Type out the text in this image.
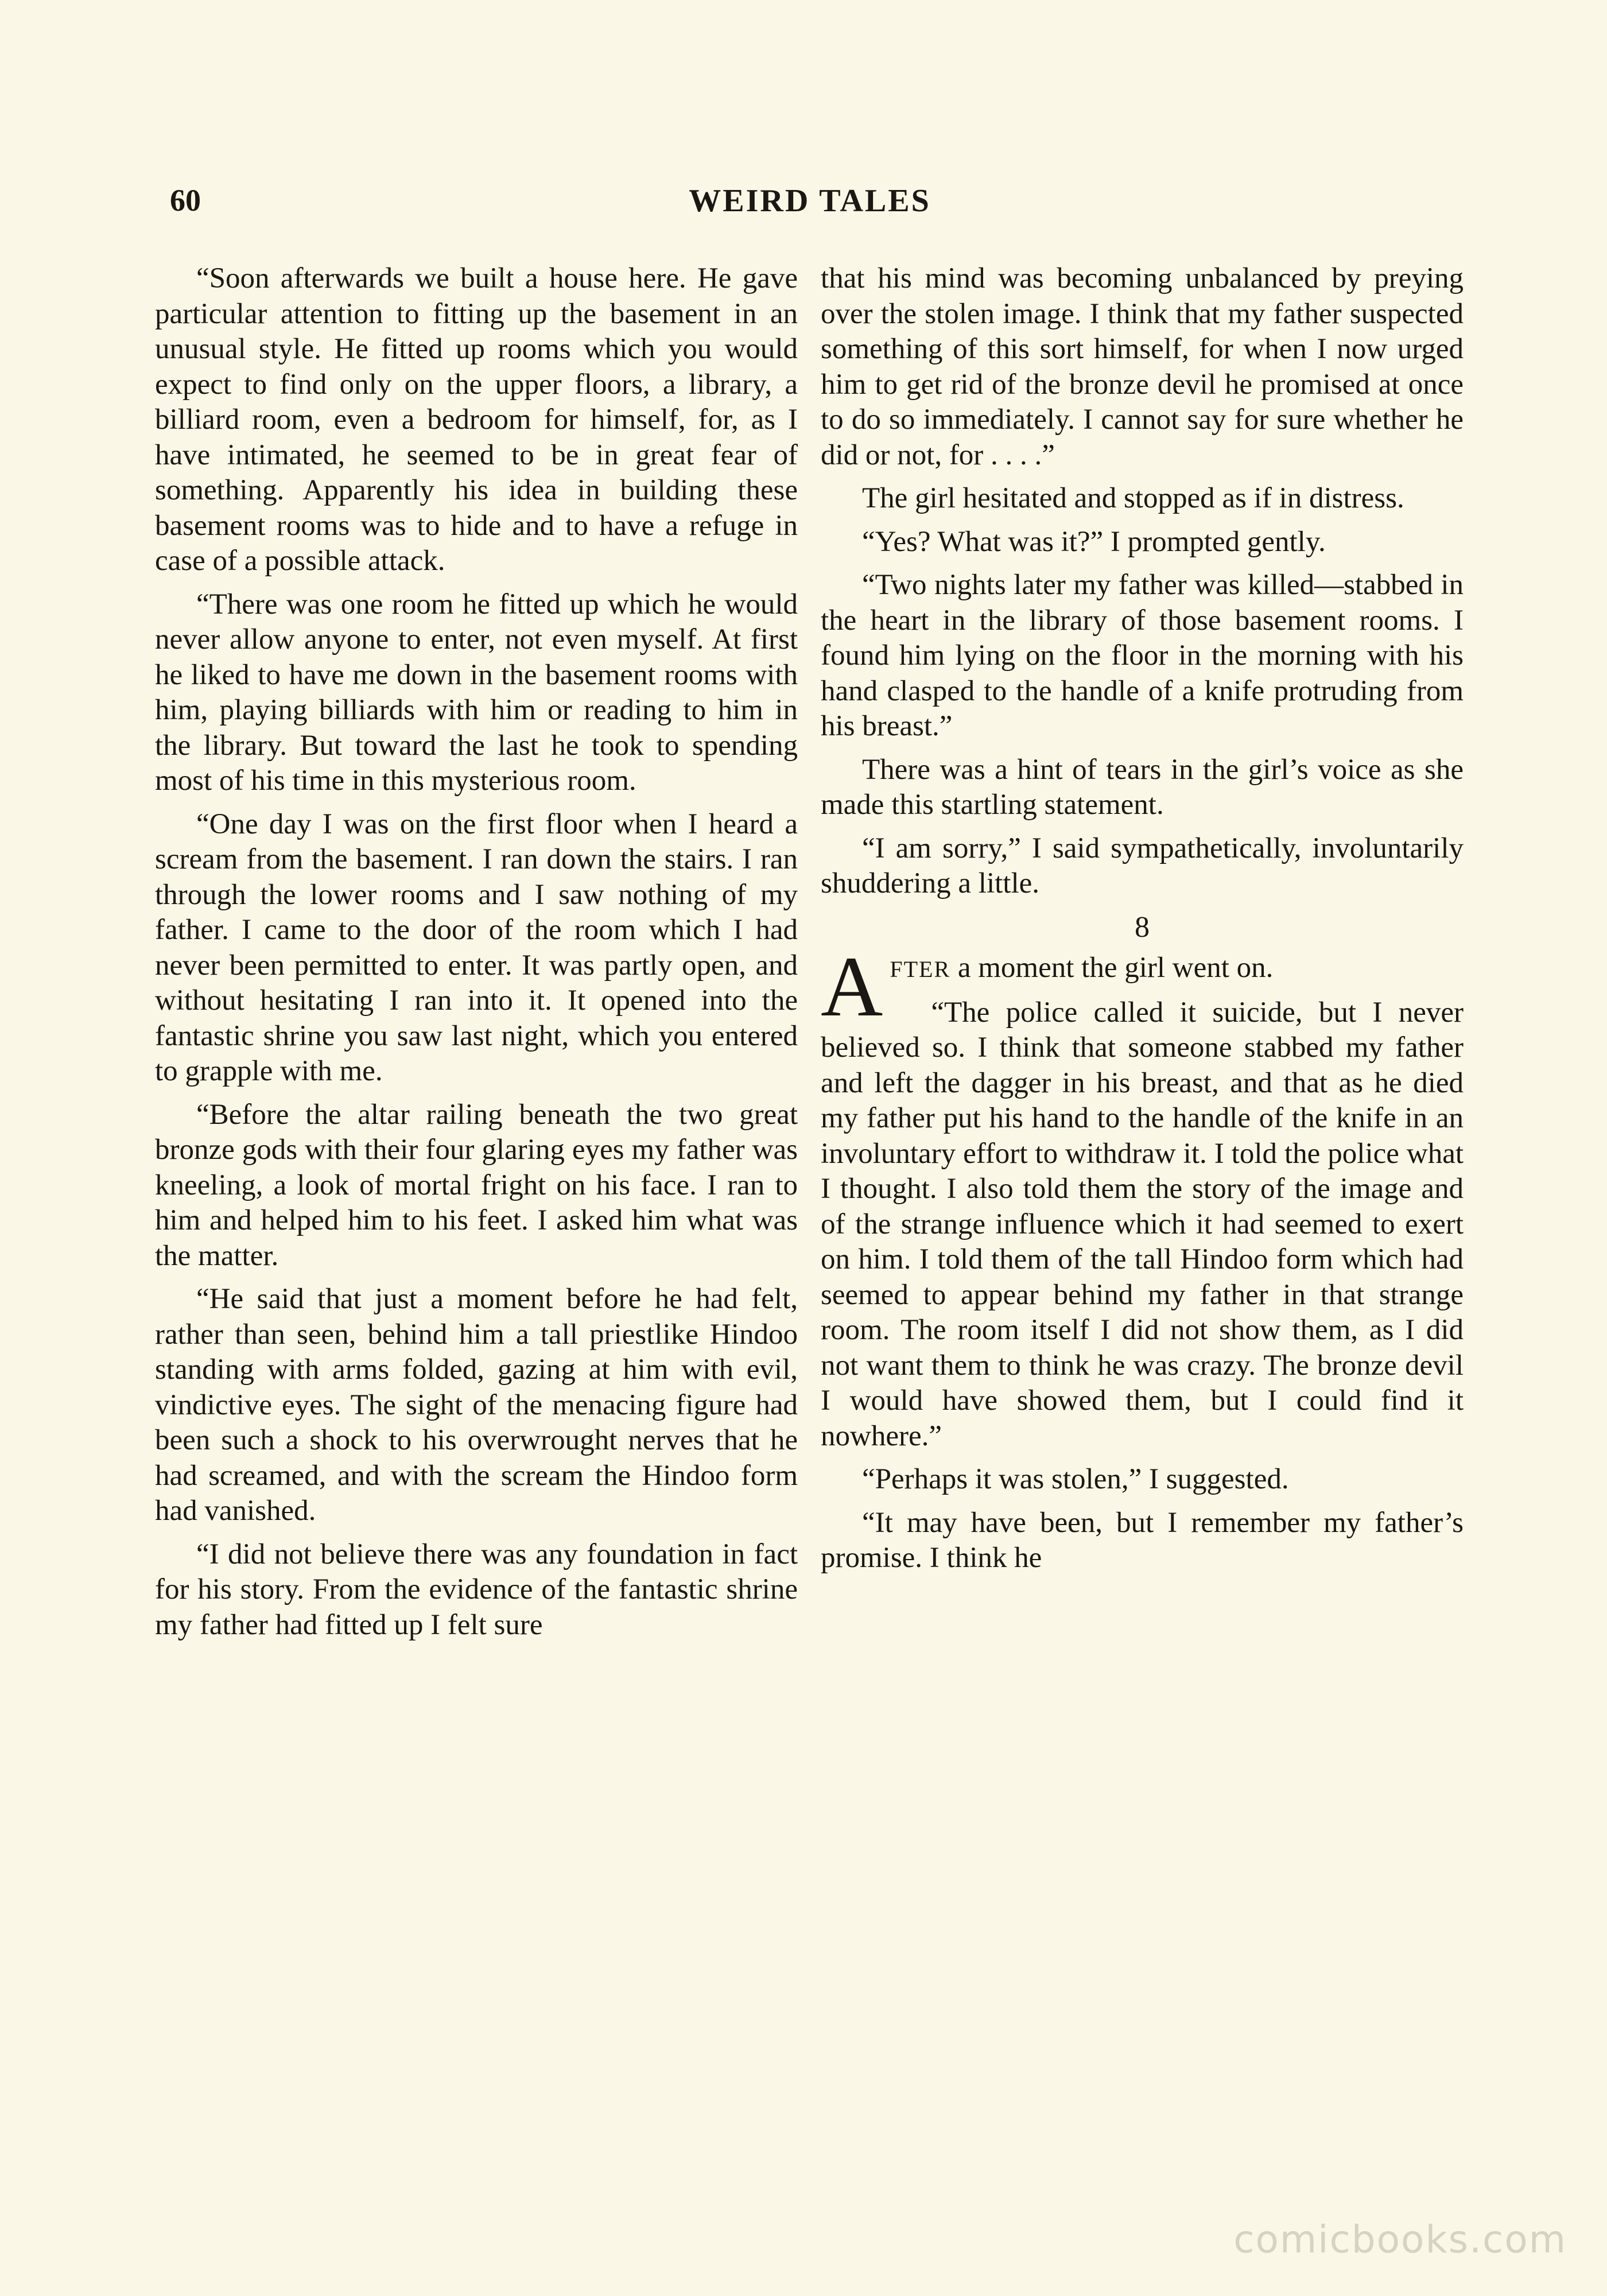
60	WEIRD TALES

“Soon afterwards we built a house here. He gave particular attention to fitting up the basement in an unusual style. He fitted up rooms which you would expect to find only on the upper floors, a library, a billiard room, even a bedroom for himself, for, as I have intimated, he seemed to be in great fear of something. Apparently his idea in building these basement rooms was to hide and to have a refuge in case of a possible attack.

“There was one room he fitted up which he would never allow anyone to enter, not even myself. At first he liked to have me down in the basement rooms with him, playing billiards with him or reading to him in the library. But toward the last he took to spending most of his time in this mysterious room.

“One day I was on the first floor when I heard a scream from the basement. I ran down the stairs. I ran through the lower rooms and I saw nothing of my father. I came to the door of the room which I had never been permitted to enter. It was partly open, and without hesitating I ran into it. It opened into the fantastic shrine you saw last night, which you entered to grapple with me.

“Before the altar railing beneath the two great bronze gods with their four glaring eyes my father was kneeling, a look of mortal fright on his face. I ran to him and helped him to his feet. I asked him what was the matter.

“He said that just a moment before he had felt, rather than seen, behind him a tall priestlike Hindoo standing with arms folded, gazing at him with evil, vindictive eyes. The sight of the menacing figure had been such a shock to his overwrought nerves that he had screamed, and with the scream the Hindoo form had vanished.

“I did not believe there was any foundation in fact for his story. From the evidence of the fantastic shrine my father had fitted up I felt sure

that his mind was becoming unbalanced by preying over the stolen image. I think that my father suspected something of this sort himself, for when I now urged him to get rid of the bronze devil he promised at once to do so immediately. I cannot say for sure whether he did or not, for . . . .”

The girl hesitated and stopped as if in distress.

“Yes? What was it?” I prompted gently.

“Two nights later my father was killed—stabbed in the heart in the library of those basement rooms. I found him lying on the floor in the morning with his hand clasped to the handle of a knife protruding from his breast.”

There was a hint of tears in the girl’s voice as she made this startling statement.

“I am sorry,” I said sympathetically, involuntarily shuddering a little.

8

AFTER a moment the girl went on.

“The police called it suicide, but I never believed so. I think that someone stabbed my father and left the dagger in his breast, and that as he died my father put his hand to the handle of the knife in an involuntary effort to withdraw it. I told the police what I thought. I also told them the story of the image and of the strange influence which it had seemed to exert on him. I told them of the tall Hindoo form which had seemed to appear behind my father in that strange room. The room itself I did not show them, as I did not want them to think he was crazy. The bronze devil I would have showed them, but I could find it nowhere.”

“Perhaps it was stolen,” I suggested.

“It may have been, but I remember my father’s promise. I think he

comicbooks.com
